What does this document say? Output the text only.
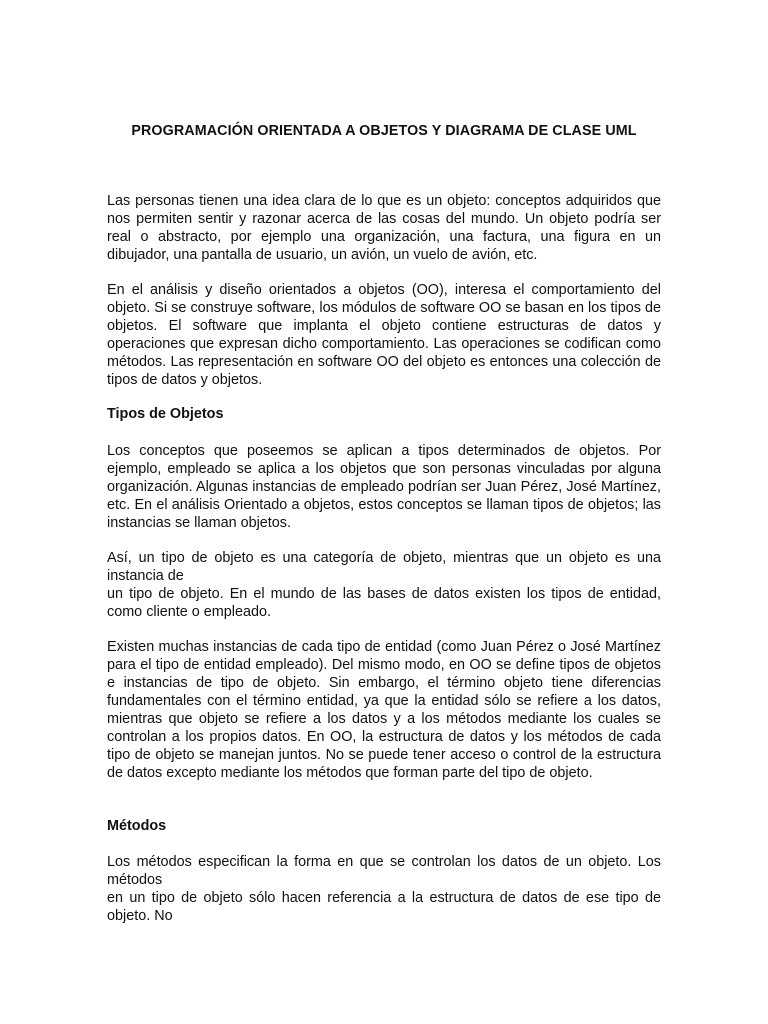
PROGRAMACIÓN ORIENTADA A OBJETOS Y DIAGRAMA DE CLASE UML
Las personas tienen una idea clara de lo que es un objeto: conceptos adquiridos que nos permiten sentir y razonar acerca de las cosas del mundo. Un objeto podría ser real o abstracto, por ejemplo una organización, una factura, una figura en un dibujador, una pantalla de usuario, un avión, un vuelo de avión, etc.
En el análisis y diseño orientados a objetos (OO), interesa el comportamiento del objeto. Si se construye software, los módulos de software OO se basan en los tipos de objetos. El software que implanta el objeto contiene estructuras de datos y operaciones que expresan dicho comportamiento. Las operaciones se codifican como métodos. Las representación en software OO del objeto es entonces una colección de tipos de datos y objetos.
Tipos de Objetos
Los conceptos que poseemos se aplican a tipos determinados de objetos. Por ejemplo, empleado se aplica a los objetos que son personas vinculadas por alguna organización. Algunas instancias de empleado podrían ser Juan Pérez, José Martínez, etc. En el análisis Orientado a objetos, estos conceptos se llaman tipos de objetos; las instancias se llaman objetos.
Así, un tipo de objeto es una categoría de objeto, mientras que un objeto es una instancia de
un tipo de objeto. En el mundo de las bases de datos existen los tipos de entidad, como cliente o empleado.
Existen muchas instancias de cada tipo de entidad (como Juan Pérez o José Martínez para el tipo de entidad empleado). Del mismo modo, en OO se define tipos de objetos e instancias de tipo de objeto. Sin embargo, el término objeto tiene diferencias fundamentales con el término entidad, ya que la entidad sólo se refiere a los datos, mientras que objeto se refiere a los datos y a los métodos mediante los cuales se controlan a los propios datos. En OO, la estructura de datos y los métodos de cada tipo de objeto se manejan juntos. No se puede tener acceso o control de la estructura de datos excepto mediante los métodos que forman parte del tipo de objeto.
Métodos
Los métodos especifican la forma en que se controlan los datos de un objeto. Los métodos
en un tipo de objeto sólo hacen referencia a la estructura de datos de ese tipo de objeto. No
